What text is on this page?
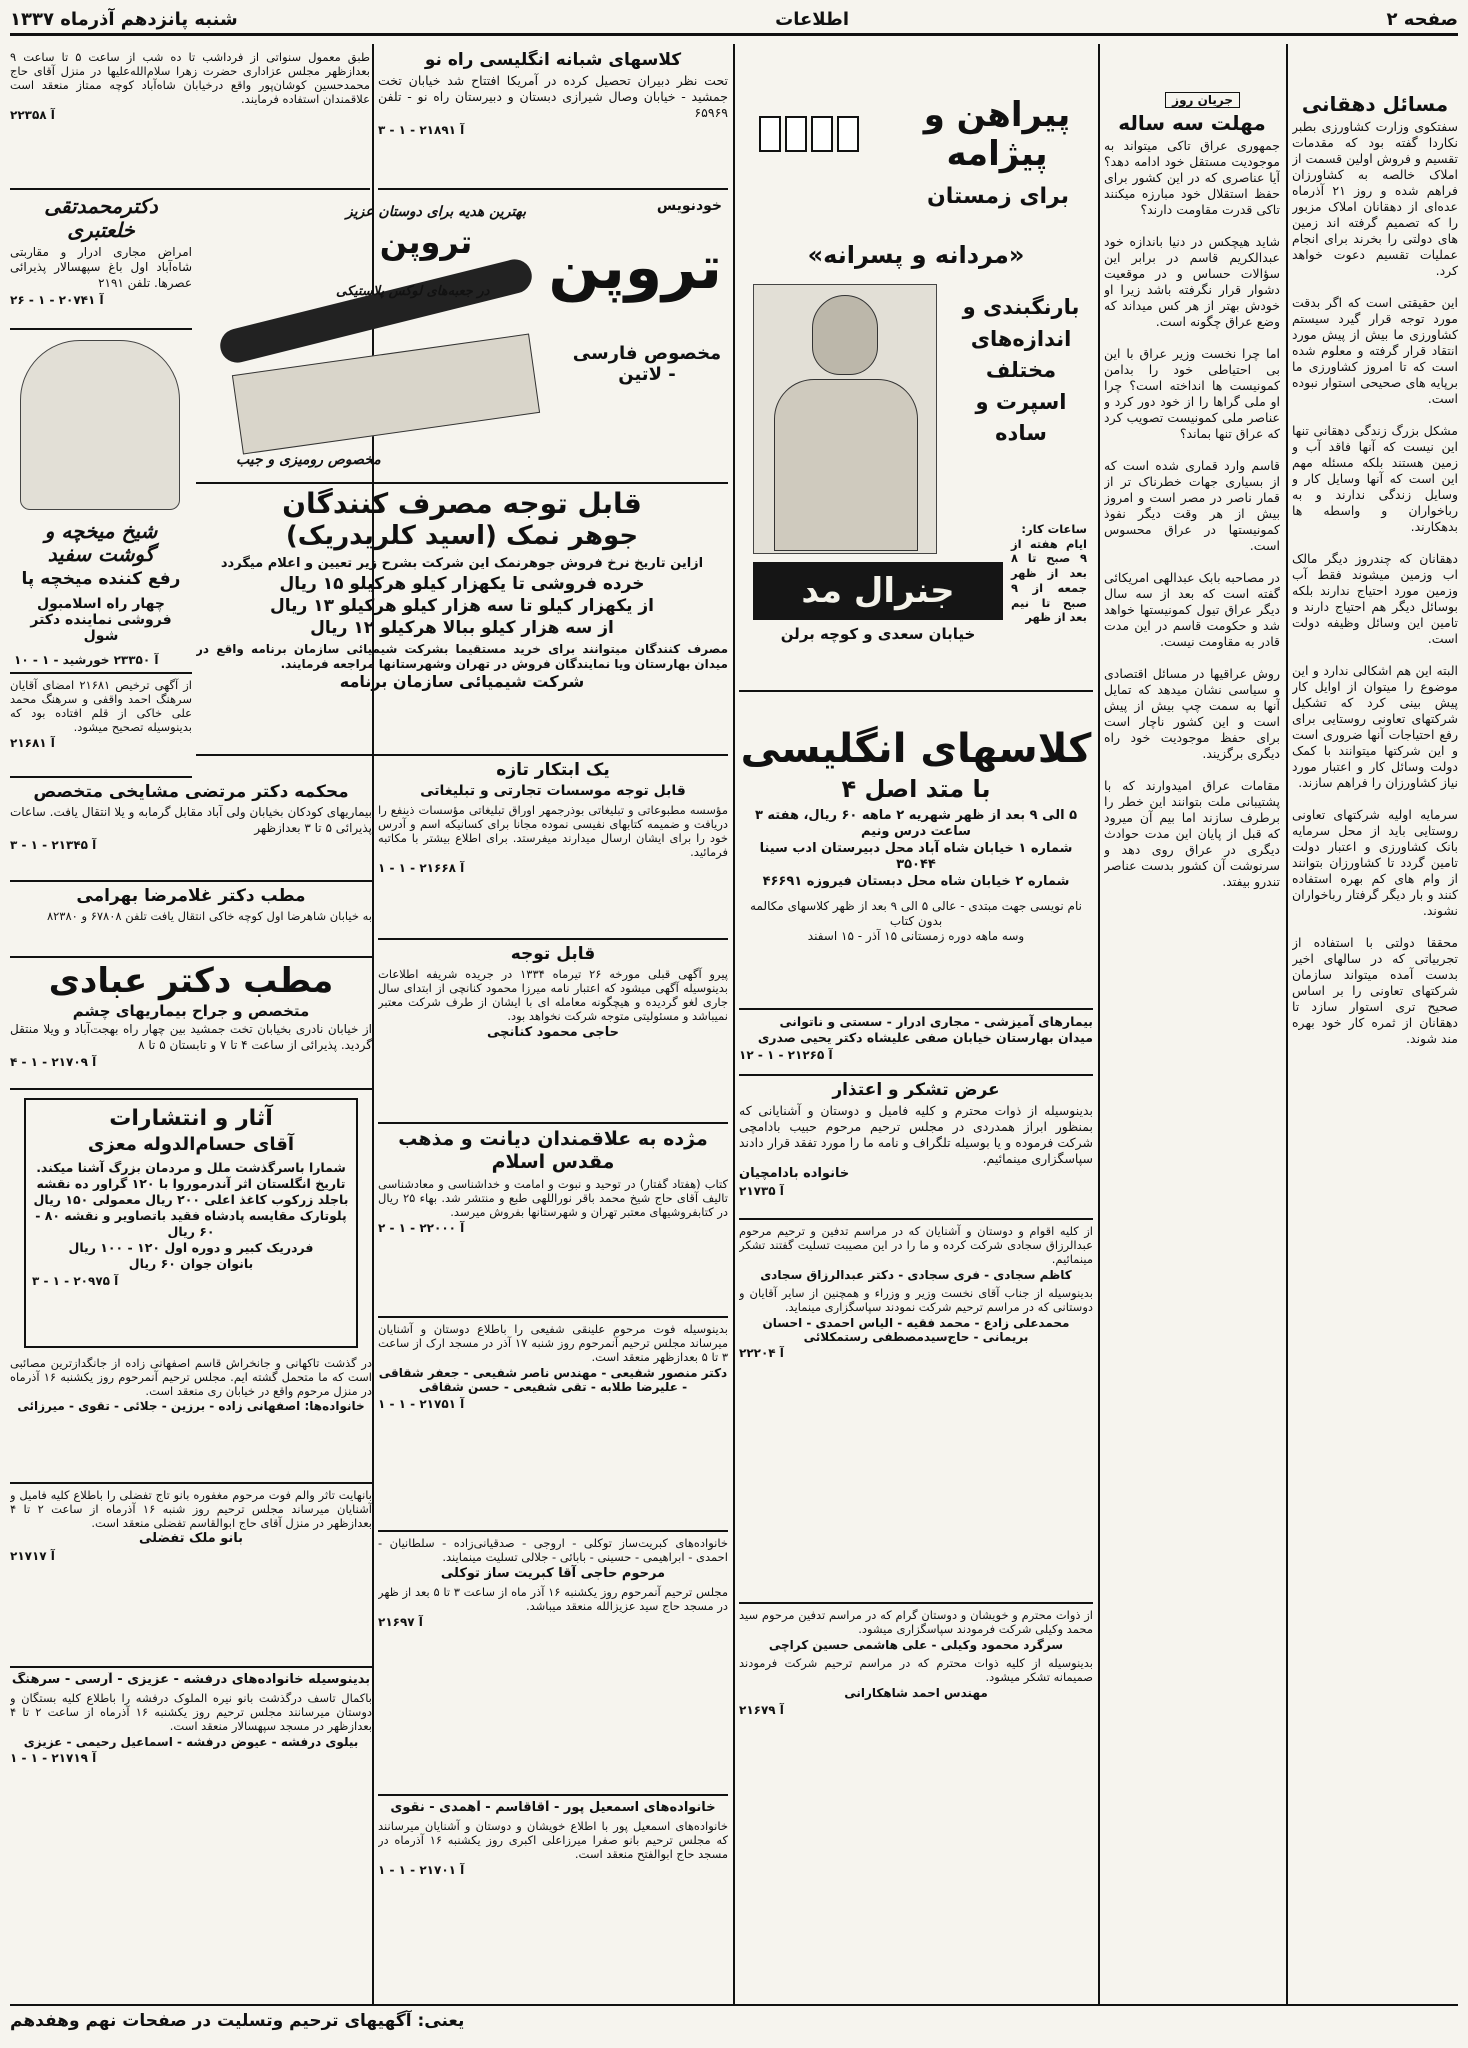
صفحه ۲
اطلاعات
شنبه پانزدهم آذرماه ۱۳۳۷
مسائل دهقانی
سفتکوی وزارت کشاورزی بطبر نکاردا گفته بود که مقدمات تقسیم و فروش اولین قسمت از املاک خالصه به کشاورزان فراهم شده و روز ۲۱ آذرماه عده‌ای از دهقانان املاک مزبور را که تصمیم گرفته اند زمین های دولتی را بخرند برای انجام عملیات تقسیم دعوت خواهد کرد.

این حقیقتی است که اگر بدقت مورد توجه قرار گیرد سیستم کشاورزی ما بیش از پیش مورد انتقاد قرار گرفته و معلوم شده است که تا امروز کشاورزی ما برپایه های صحیحی استوار نبوده است.

مشکل بزرگ زندگی دهقانی تنها این نیست که آنها فاقد آب و زمین هستند بلکه مسئله مهم این است که آنها وسایل کار و وسایل زندگی ندارند و به رباخواران و واسطه ها بدهکارند.

دهقانان که چندروز دیگر مالک اب وزمین میشوند فقط آب وزمین مورد احتیاج ندارند بلکه بوسائل دیگر هم احتیاج دارند و تامین این وسائل وظیفه دولت است.

البته این هم اشکالی ندارد و این موضوع را میتوان از اوایل کار پیش بینی کرد که تشکیل شرکتهای تعاونی روستایی برای رفع احتیاجات آنها ضروری است و این شرکتها میتوانند با کمک دولت وسائل کار و اعتبار مورد نیاز کشاورزان را فراهم سازند.

سرمایه اولیه شرکتهای تعاونی روستایی باید از محل سرمایه بانک کشاورزی و اعتبار دولت تامین گردد تا کشاورزان بتوانند از وام های کم بهره استفاده کنند و بار دیگر گرفتار رباخواران نشوند.

محققا دولتی با استفاده از تجربیاتی که در سالهای اخیر بدست آمده میتواند سازمان شرکتهای تعاونی را بر اساس صحیح تری استوار سازد تا دهقانان از ثمره کار خود بهره مند شوند.
جریان روز
مهلت سه ساله
جمهوری عراق تاکی میتواند به موجودیت مستقل خود ادامه دهد؟ آیا عناصری که در این کشور برای حفظ استقلال خود مبارزه میکنند تاکی قدرت مقاومت دارند؟

شاید هیچکس در دنیا باندازه خود عبدالکریم قاسم در برابر این سؤالات حساس و در موقعیت دشوار قرار نگرفته باشد زیرا او خودش بهتر از هر کس میداند که وضع عراق چگونه است.

اما چرا نخست وزیر عراق با این بی احتیاطی خود را بدامن کمونیست ها انداخته است؟ چرا او ملی گراها را از خود دور کرد و عناصر ملی کمونیست تصویب کرد که عراق تنها بماند؟

قاسم وارد قماری شده است که از بسیاری جهات خطرناک تر از قمار ناصر در مصر است و امروز بیش از هر وقت دیگر نفوذ کمونیستها در عراق محسوس است.

در مصاحبه بابک عبدالهی امریکائی گفته است که بعد از سه سال دیگر عراق تیول کمونیستها خواهد شد و حکومت قاسم در این مدت قادر به مقاومت نیست.

روش عراقیها در مسائل اقتصادی و سیاسی نشان میدهد که تمایل آنها به سمت چپ بیش از پیش است و این کشور ناچار است برای حفظ موجودیت خود راه دیگری برگزیند.

مقامات عراق امیدوارند که با پشتیبانی ملت بتوانند این خطر را برطرف سازند اما بیم آن میرود که قبل از پایان این مدت حوادث دیگری در عراق روی دهد و سرنوشت آن کشور بدست عناصر تندرو بیفتد.
پیراهن و پیژامه
برای زمستان
«مردانه و پسرانه»
بارنگبندی و اندازه‌های مختلف اسپرت و ساده
ساعات کار:
ایام هفته از ۹ صبح تا ۸ بعد از ظهر جمعه از ۹ صبح تا نیم بعد از ظهر
جنرال مد
خیابان سعدی و کوچه برلن
کلاسهای انگلیسی
با متد اصل ۴
۵ الی ۹ بعد از ظهر شهریه ۲ ماهه ۶۰ ریال، هفته ۳ ساعت درس ونیم
شماره ۱ خیابان شاه آباد محل دبیرستان ادب سینا ۳۵۰۴۴
شماره ۲ خیابان شاه محل دبستان فیروزه ۴۶۶۹۱
نام نویسی جهت مبتدی - عالی ۵ الی ۹ بعد از ظهر کلاسهای مکالمه بدون کتاب
وسه ماهه دوره زمستانی ۱۵ آذر - ۱۵ اسفند
بیمارهای آمیزشی - مجاری ادرار - سستی و ناتوانی
میدان بهارستان خیابان صفی علیشاه دکتر یحیی صدری
آ ۲۱۲۶۵ - ۱ - ۱۲
عرض تشکر و اعتذار
بدینوسیله از ذوات محترم و کلیه فامیل و دوستان و آشنایانی که بمنظور ابراز همدردی در مجلس ترحیم مرحوم حبیب بادامچی شرکت فرموده و یا بوسیله تلگراف و نامه ما را مورد تفقد قرار دادند سپاسگزاری مینمائیم.
خانواده بادامچیان
آ ۲۱۷۳۵
از کلیه اقوام و دوستان و آشنایان که در مراسم تدفین و ترحیم مرحوم عبدالرزاق سجادی شرکت کرده و ما را در این مصیبت تسلیت گفتند تشکر مینمائیم.
کاظم سجادی - فری سجادی - دکتر عبدالرزاق سجادی
بدینوسیله از جناب آقای نخست وزیر و وزراء و همچنین از سایر آقایان و دوستانی که در مراسم ترحیم شرکت نمودند سپاسگزاری مینماید.
محمدعلی زادع - محمد فقیه - الیاس احمدی - احسان بریمانی - حاج‌سیدمصطفی رستمکلائی
آ ۲۲۲۰۴
از ذوات محترم و خویشان و دوستان گرام که در مراسم تدفین مرحوم سید محمد وکیلی شرکت فرمودند سپاسگزاری میشود.
سرگرد محمود وکیلی - علی هاشمی حسین کراچی
بدینوسیله از کلیه ذوات محترم که در مراسم ترحیم شرکت فرمودند صمیمانه تشکر میشود.
مهندس احمد شاهکارانی
آ ۲۱۶۷۹
کلاسهای شبانه انگلیسی راه نو
تحت نظر دبیران تحصیل کرده در آمریکا افتتاح شد خیابان تخت جمشید - خیابان وصال شیرازی دبستان و دبیرستان راه نو - تلفن ۶۵۹۶۹
آ ۲۱۸۹۱ - ۱ - ۳
خودنویس
تروپن
مخصوص فارسی - لاتین
بهترین هدیه برای دوستان عزیز
تروپن
در جعبه‌های لوکس پلاستیکی
مخصوص رومیزی و جیب
قابل توجه مصرف کنندگان
جوهر نمک (اسید کلریدریک)
ازاین تاریخ نرخ فروش جوهرنمک این شرکت بشرح زیر تعیین و اعلام میگردد
خرده فروشی تا یکهزار کیلو هرکیلو ۱۵ ریال
از یکهزار کیلو تا سه هزار کیلو هرکیلو ۱۳ ریال
از سه هزار کیلو ببالا هرکیلو ۱۲ ریال
مصرف کنندگان میتوانند برای خرید مستقیما بشرکت شیمیائی سازمان برنامه واقع در میدان بهارستان ویا نمایندگان فروش در تهران وشهرستانها مراجعه فرمایند.
شرکت شیمیائی سازمان برنامه
طبق معمول سنواتی از فرداشب تا ده شب از ساعت ۵ تا ساعت ۹ بعدازظهر مجلس عزاداری حضرت زهرا سلام‌الله‌علیها در منزل آقای حاج محمدحسین کوشان‌پور واقع درخیابان شاه‌آباد کوچه ممتاز منعقد است علاقمندان استفاده فرمایند.
آ ۲۲۳۵۸
دکترمحمدتقی خلعتبری
امراض مجاری ادرار و مقاربتی شاه‌آباد اول باغ سپهسالار پذیرائی عصرها. تلفن ۲۱۹۱
آ ۲۰۷۴۱ - ۱ - ۲۶
شیخ میخچه و گوشت سفید
رفع کننده میخچه پا
چهار راه اسلامبول فروشی نماینده دکتر شول
آ ۲۳۳۵۰ خورشید - ۱ - ۱۰
از آگهی ترخیص ۲۱۶۸۱ امضای آقایان سرهنگ احمد واقفی و سرهنگ محمد علی خاکی از قلم افتاده بود که بدینوسیله تصحیح میشود.
آ ۲۱۶۸۱
محکمه دکتر مرتضی مشایخی متخصص
بیماریهای کودکان بخیابان ولی آباد مقابل گرمابه و یلا انتقال یافت. ساعات پذیرائی ۵ تا ۳ بعدازظهر
آ ۲۱۳۴۵ - ۱ - ۳
مطب دکتر غلامرضا بهرامی
به خیابان شاهرضا اول کوچه خاکی انتقال یافت تلفن ۶۷۸۰۸ و ۸۲۳۸۰
مطب دکتر عبادی
متخصص و جراح بیماریهای چشم
از خیابان نادری بخیابان تخت جمشید بین چهار راه بهجت‌آباد و ویلا منتقل گردید. پذیرائی از ساعت ۴ تا ۷ و تابستان ۵ تا ۸
آ ۲۱۷۰۹ - ۱ - ۴
آثار و انتشارات
آقای حسام‌الدوله معزی
شمارا باسرگذشت ملل و مردمان بزرگ آشنا میکند.
تاریخ انگلستان اثر آندرموروا با ۱۲۰ گراور ده نقشه باجلد زرکوب کاغذ اعلی ۲۰۰ ریال معمولی ۱۵۰ ریال
پلوتارک مقایسه پادشاه فقید باتصاویر و نقشه ۸۰ - ۶۰ ریال
فردریک کبیر و دوره اول ۱۲۰ - ۱۰۰ ریال
بانوان جوان ۶۰ ریال
آ ۲۰۹۷۵ - ۱ - ۳
در گذشت تاکهانی و جانخراش قاسم اصفهانی زاده از جانگدازترین مصائبی است که ما متحمل گشته ایم. مجلس ترحیم آنمرحوم روز یکشنبه ۱۶ آذرماه در منزل مرحوم واقع در خیابان ری منعقد است.
خانواده‌ها: اصفهانی زاده - برزین - جلائی - تقوی - میرزائی
بانهایت تاثر والم فوت مرحوم مغفوره بانو تاج تفضلی را باطلاع کلیه فامیل و آشنایان میرساند مجلس ترحیم روز شنبه ۱۶ آذرماه از ساعت ۲ تا ۴ بعدازظهر در منزل آقای حاج ابوالقاسم تفضلی منعقد است.
بانو ملک تفضلی
آ ۲۱۷۱۷
بدینوسیله خانواده‌های درفشه - عزیزی - آرسی - سرهنگ
باکمال تاسف درگذشت بانو نیره الملوک درفشه را باطلاع کلیه بستگان و دوستان میرسانند مجلس ترحیم روز یکشنبه ۱۶ آذرماه از ساعت ۲ تا ۴ بعدازظهر در مسجد سپهسالار منعقد است.
بیلوی درفشه - عیوض درفشه - اسماعیل رحیمی - عزیزی
آ ۲۱۷۱۹ - ۱ - ۱
یک ابتکار تازه
قابل توجه موسسات تجارتی و تبلیغاتی
مؤسسه مطبوعاتی و تبلیغاتی بوذرجمهر اوراق تبلیغاتی مؤسسات ذینفع را دریافت و ضمیمه کتابهای نفیسی نموده مجانا برای کسانیکه اسم و آدرس خود را برای ایشان ارسال میدارند میفرستد. برای اطلاع بیشتر با مکاتبه فرمائید.
آ ۲۱۶۶۸ - ۱ - ۱
قابل توجه
پیرو آگهی قبلی مورخه ۲۶ تیرماه ۱۳۳۴ در جریده شریفه اطلاعات بدینوسیله آگهی میشود که اعتبار نامه میرزا محمود کنانچی از ابتدای سال جاری لغو گردیده و هیچگونه معامله ای با ایشان از طرف شرکت معتبر نمیباشد و مسئولیتی متوجه شرکت نخواهد بود.
حاجی محمود کنانچی
مژده به علاقمندان دیانت و مذهب مقدس اسلام
کتاب (هفتاد گفتار) در توحید و نبوت و امامت و خداشناسی و معادشناسی تالیف آقای حاج شیخ محمد باقر نوراللهی طبع و منتشر شد. بهاء ۲۵ ریال در کتابفروشیهای معتبر تهران و شهرستانها بفروش میرسد.
آ ۲۲۰۰۰ - ۱ - ۲
بدینوسیله فوت مرحوم علینقی شفیعی را باطلاع دوستان و آشنایان میرساند مجلس ترحیم آنمرحوم روز شنبه ۱۷ آذر در مسجد ارک از ساعت ۳ تا ۵ بعدازظهر منعقد است.
دکتر منصور شفیعی - مهندس ناصر شفیعی - جعفر شقاقی - علیرضا طلابه - تقی شفیعی - حسن شقاقی
آ ۲۱۷۵۱ - ۱ - ۱
خانواده‌های کبریت‌ساز توکلی - اروجی - صدقیانی‌زاده - سلطانیان - احمدی - ابراهیمی - حسینی - بابائی - جلالی تسلیت مینمایند.
مرحوم حاجی آقا کبریت ساز توکلی
مجلس ترحیم آنمرحوم روز یکشنبه ۱۶ آذر ماه از ساعت ۳ تا ۵ بعد از ظهر در مسجد حاج سید عزیزالله منعقد میباشد.
آ ۲۱۶۹۷
خانواده‌های اسمعیل پور - آقاقاسم - آهمدی - نقوی
خانواده‌های اسمعیل پور با اطلاع خویشان و دوستان و آشنایان میرسانند که مجلس ترحیم بانو صفرا میرزاعلی اکبری روز یکشنبه ۱۶ آذرماه در مسجد حاج ابوالفتح منعقد است.
آ ۲۱۷۰۱ - ۱ - ۱
یعنی: آگهیهای ترحیم وتسلیت در صفحات نهم وهفدهم
